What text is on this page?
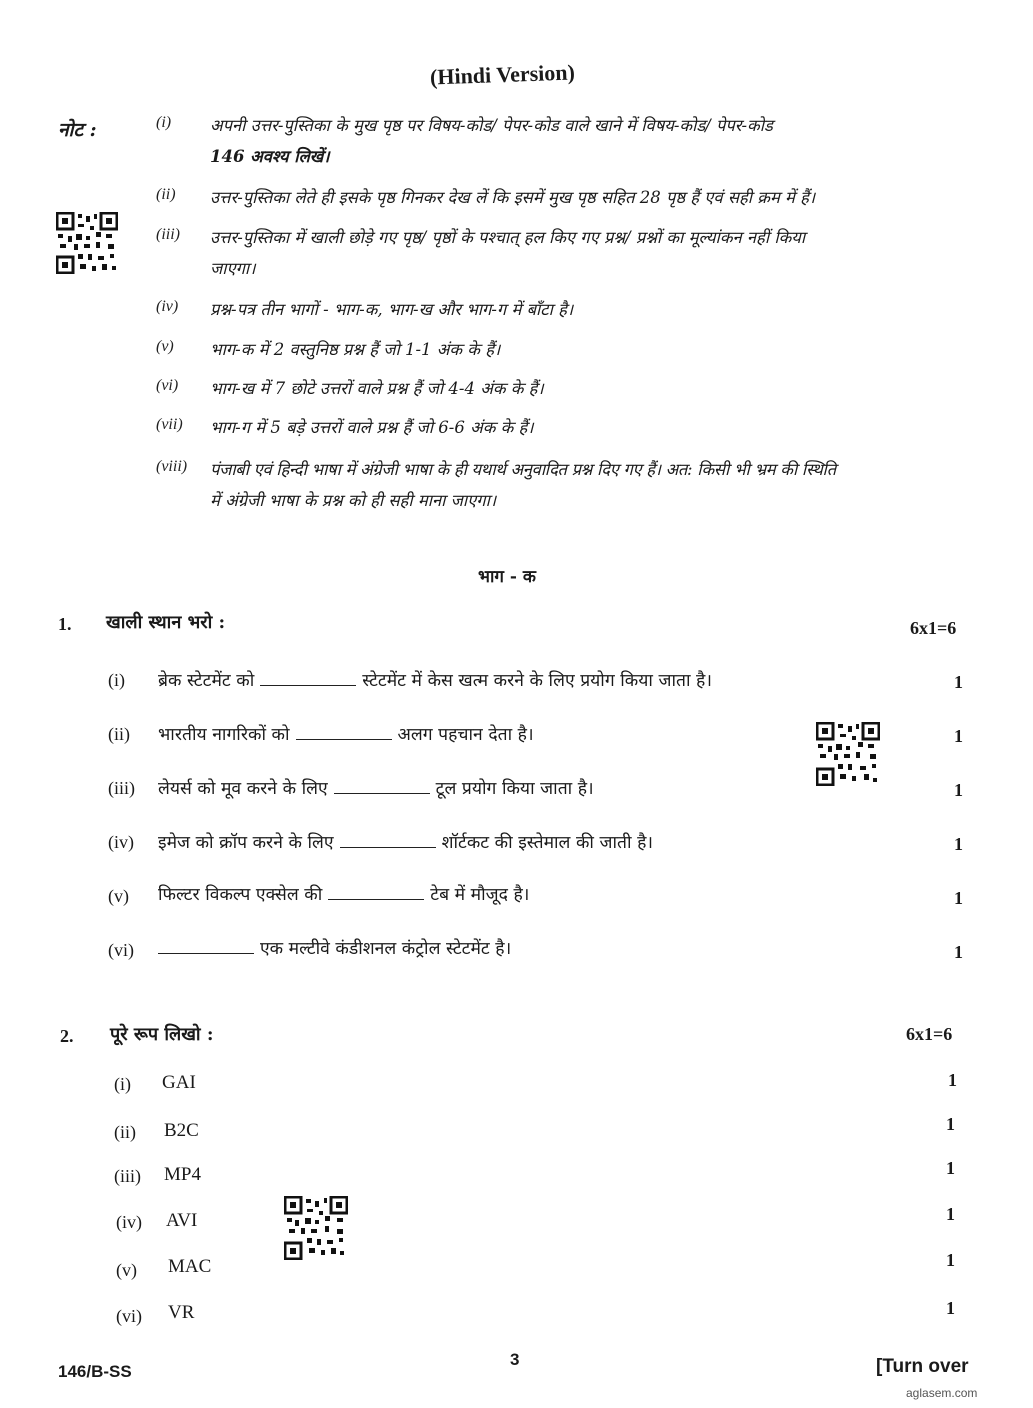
(Hindi Version)
नोट :	(i) अपनी उत्तर-पुस्तिका के मुख पृष्ठ पर विषय-कोड/ पेपर-कोड वाले खाने में विषय-कोड/ पेपर-कोड
146 अवश्य लिखें।
(ii) उत्तर-पुस्तिका लेते ही इसके पृष्ठ गिनकर देख लें कि इसमें मुख पृष्ठ सहित 28 पृष्ठ हैं एवं सही क्रम में हैं।
(iii) उत्तर-पुस्तिका में खाली छोड़े गए पृष्ठ/ पृष्ठों के पश्चात् हल किए गए प्रश्न/ प्रश्नों का मूल्यांकन नहीं किया
जाएगा।
(iv) प्रश्न-पत्र तीन भागों - भाग-क, भाग-ख और भाग-ग में बाँटा है।
(v) भाग-क में 2 वस्तुनिष्ठ प्रश्न हैं जो 1-1 अंक के हैं।
(vi) भाग-ख में 7 छोटे उत्तरों वाले प्रश्न हैं जो 4-4 अंक के हैं।
(vii) भाग-ग में 5 बड़े उत्तरों वाले प्रश्न हैं जो 6-6 अंक के हैं।
(viii) पंजाबी एवं हिन्दी भाषा में अंग्रेजी भाषा के ही यथार्थ अनुवादित प्रश्न दिए गए हैं। अत: किसी भी भ्रम की स्थिति
में अंग्रेजी भाषा के प्रश्न को ही सही माना जाएगा।
भाग - क
1. खाली स्थान भरो :	6x1=6
(i) ब्रेक स्टेटमेंट को	स्टेटमेंट में केस खत्म करने के लिए प्रयोग किया जाता है।	1
(ii) भारतीय नागरिकों को	अलग पहचान देता है।	1
(iii) लेयर्स को मूव करने के लिए	टूल प्रयोग किया जाता है।	1
(iv) इमेज को क्रॉप करने के लिए	शॉर्टकट की इस्तेमाल की जाती है।	1
(v) फिल्टर विकल्प एक्सेल की	टेब में मौजूद है।	1
(vi)	एक मल्टीवे कंडीशनल कंट्रोल स्टेटमेंट है।	1
2. पूरे रूप लिखो :	6x1=6
(i) GAI	1
(ii) B2C	1
(iii) MP4	1
(iv) AVI	1
(v) MAC	1
(vi) VR	1
146/B-SS
3	[Turn over
aglasem.com
